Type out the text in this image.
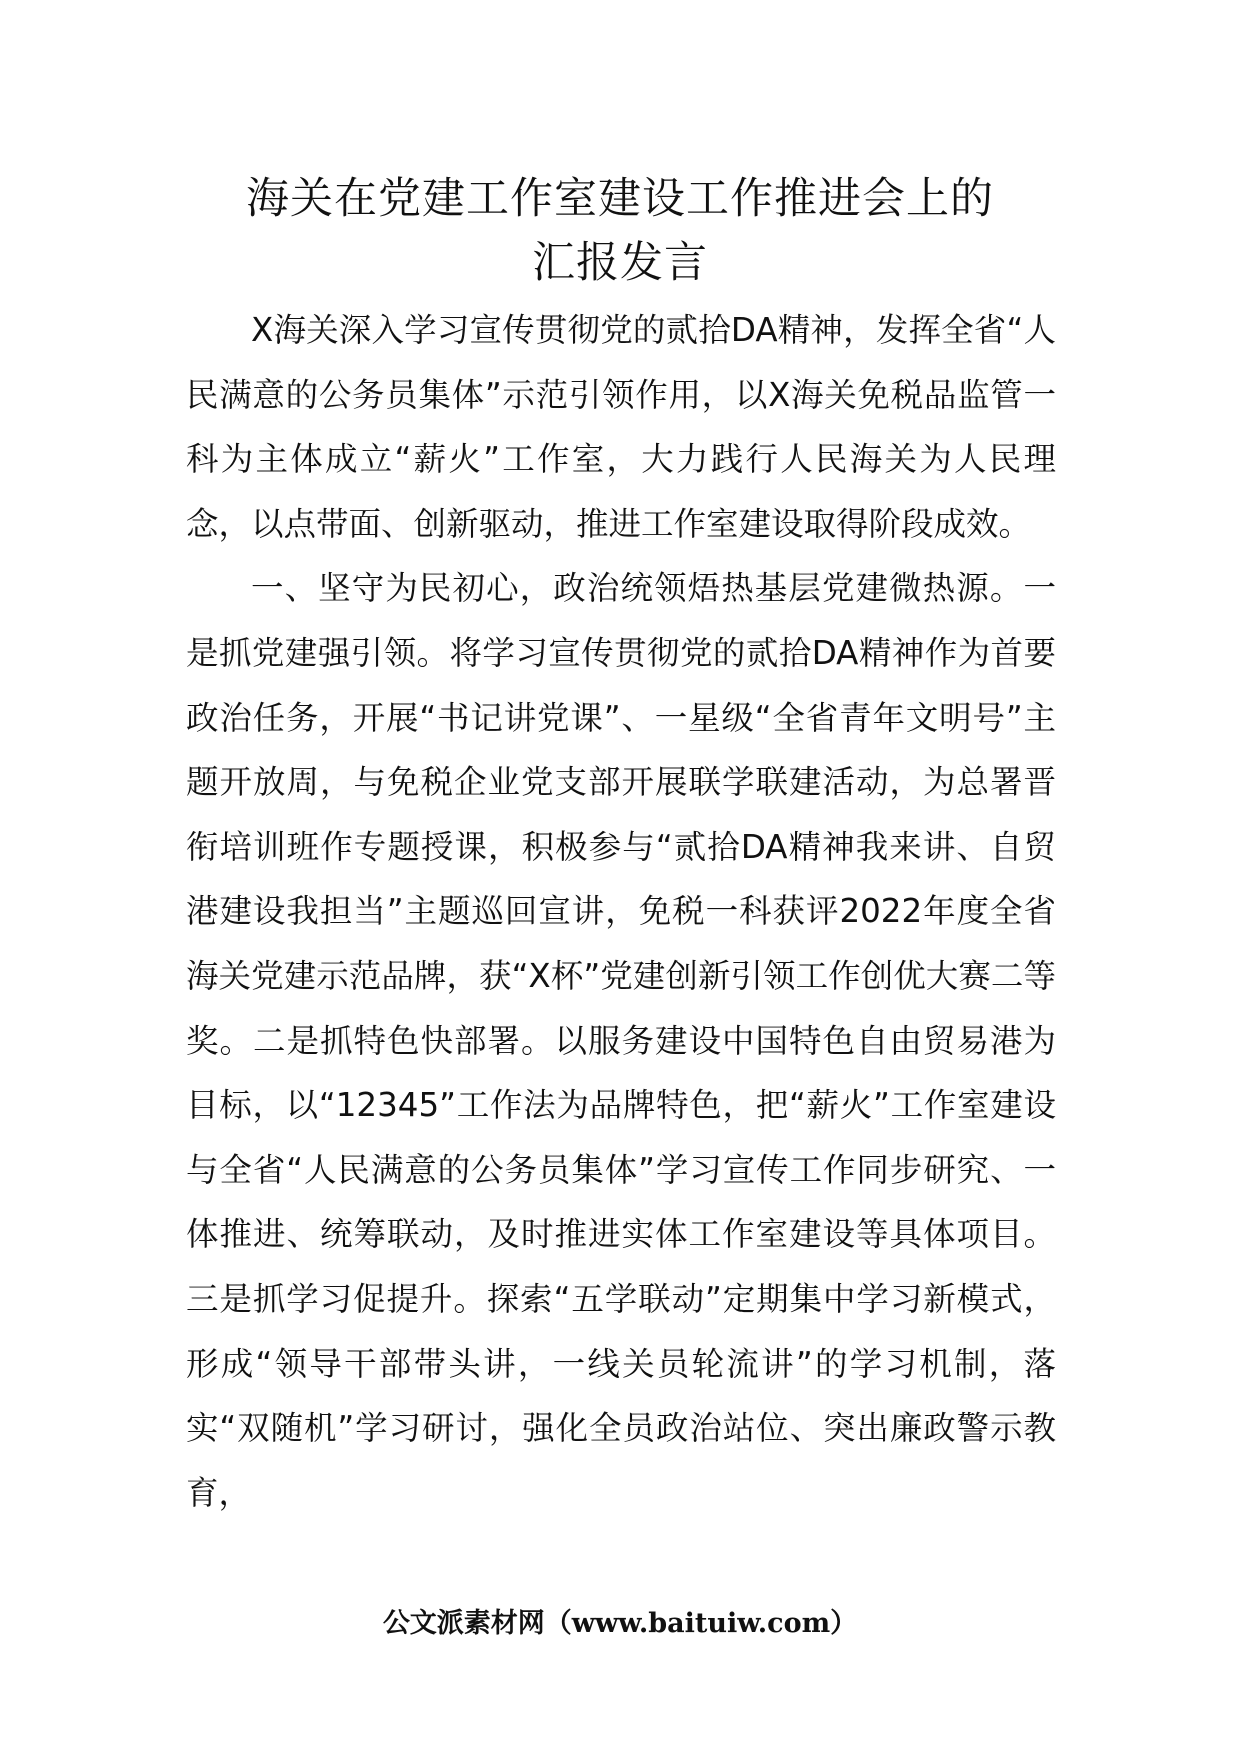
海关在党建工作室建设工作推进会上的
汇报发言

X海关深入学习宣传贯彻党的贰拾DA精神，发挥全省“人民满意的公务员集体”示范引领作用，以X海关免税品监管一科为主体成立“薪火”工作室，大力践行人民海关为人民理念，以点带面、创新驱动，推进工作室建设取得阶段成效。

一、坚守为民初心，政治统领焐热基层党建微热源。一是抓党建强引领。将学习宣传贯彻党的贰拾DA精神作为首要政治任务，开展“书记讲党课”、一星级“全省青年文明号”主题开放周，与免税企业党支部开展联学联建活动，为总署晋衔培训班作专题授课，积极参与“贰拾DA精神我来讲、自贸港建设我担当”主题巡回宣讲，免税一科获评2022年度全省海关党建示范品牌，获“X杯”党建创新引领工作创优大赛二等奖。二是抓特色快部署。以服务建设中国特色自由贸易港为目标，以“12345”工作法为品牌特色，把“薪火”工作室建设与全省“人民满意的公务员集体”学习宣传工作同步研究、一体推进、统筹联动，及时推进实体工作室建设等具体项目。三是抓学习促提升。探索“五学联动”定期集中学习新模式，形成“领导干部带头讲，一线关员轮流讲”的学习机制，落实“双随机”学习研讨，强化全员政治站位、突出廉政警示教育，

公文派素材网（www.baituiw.com）
